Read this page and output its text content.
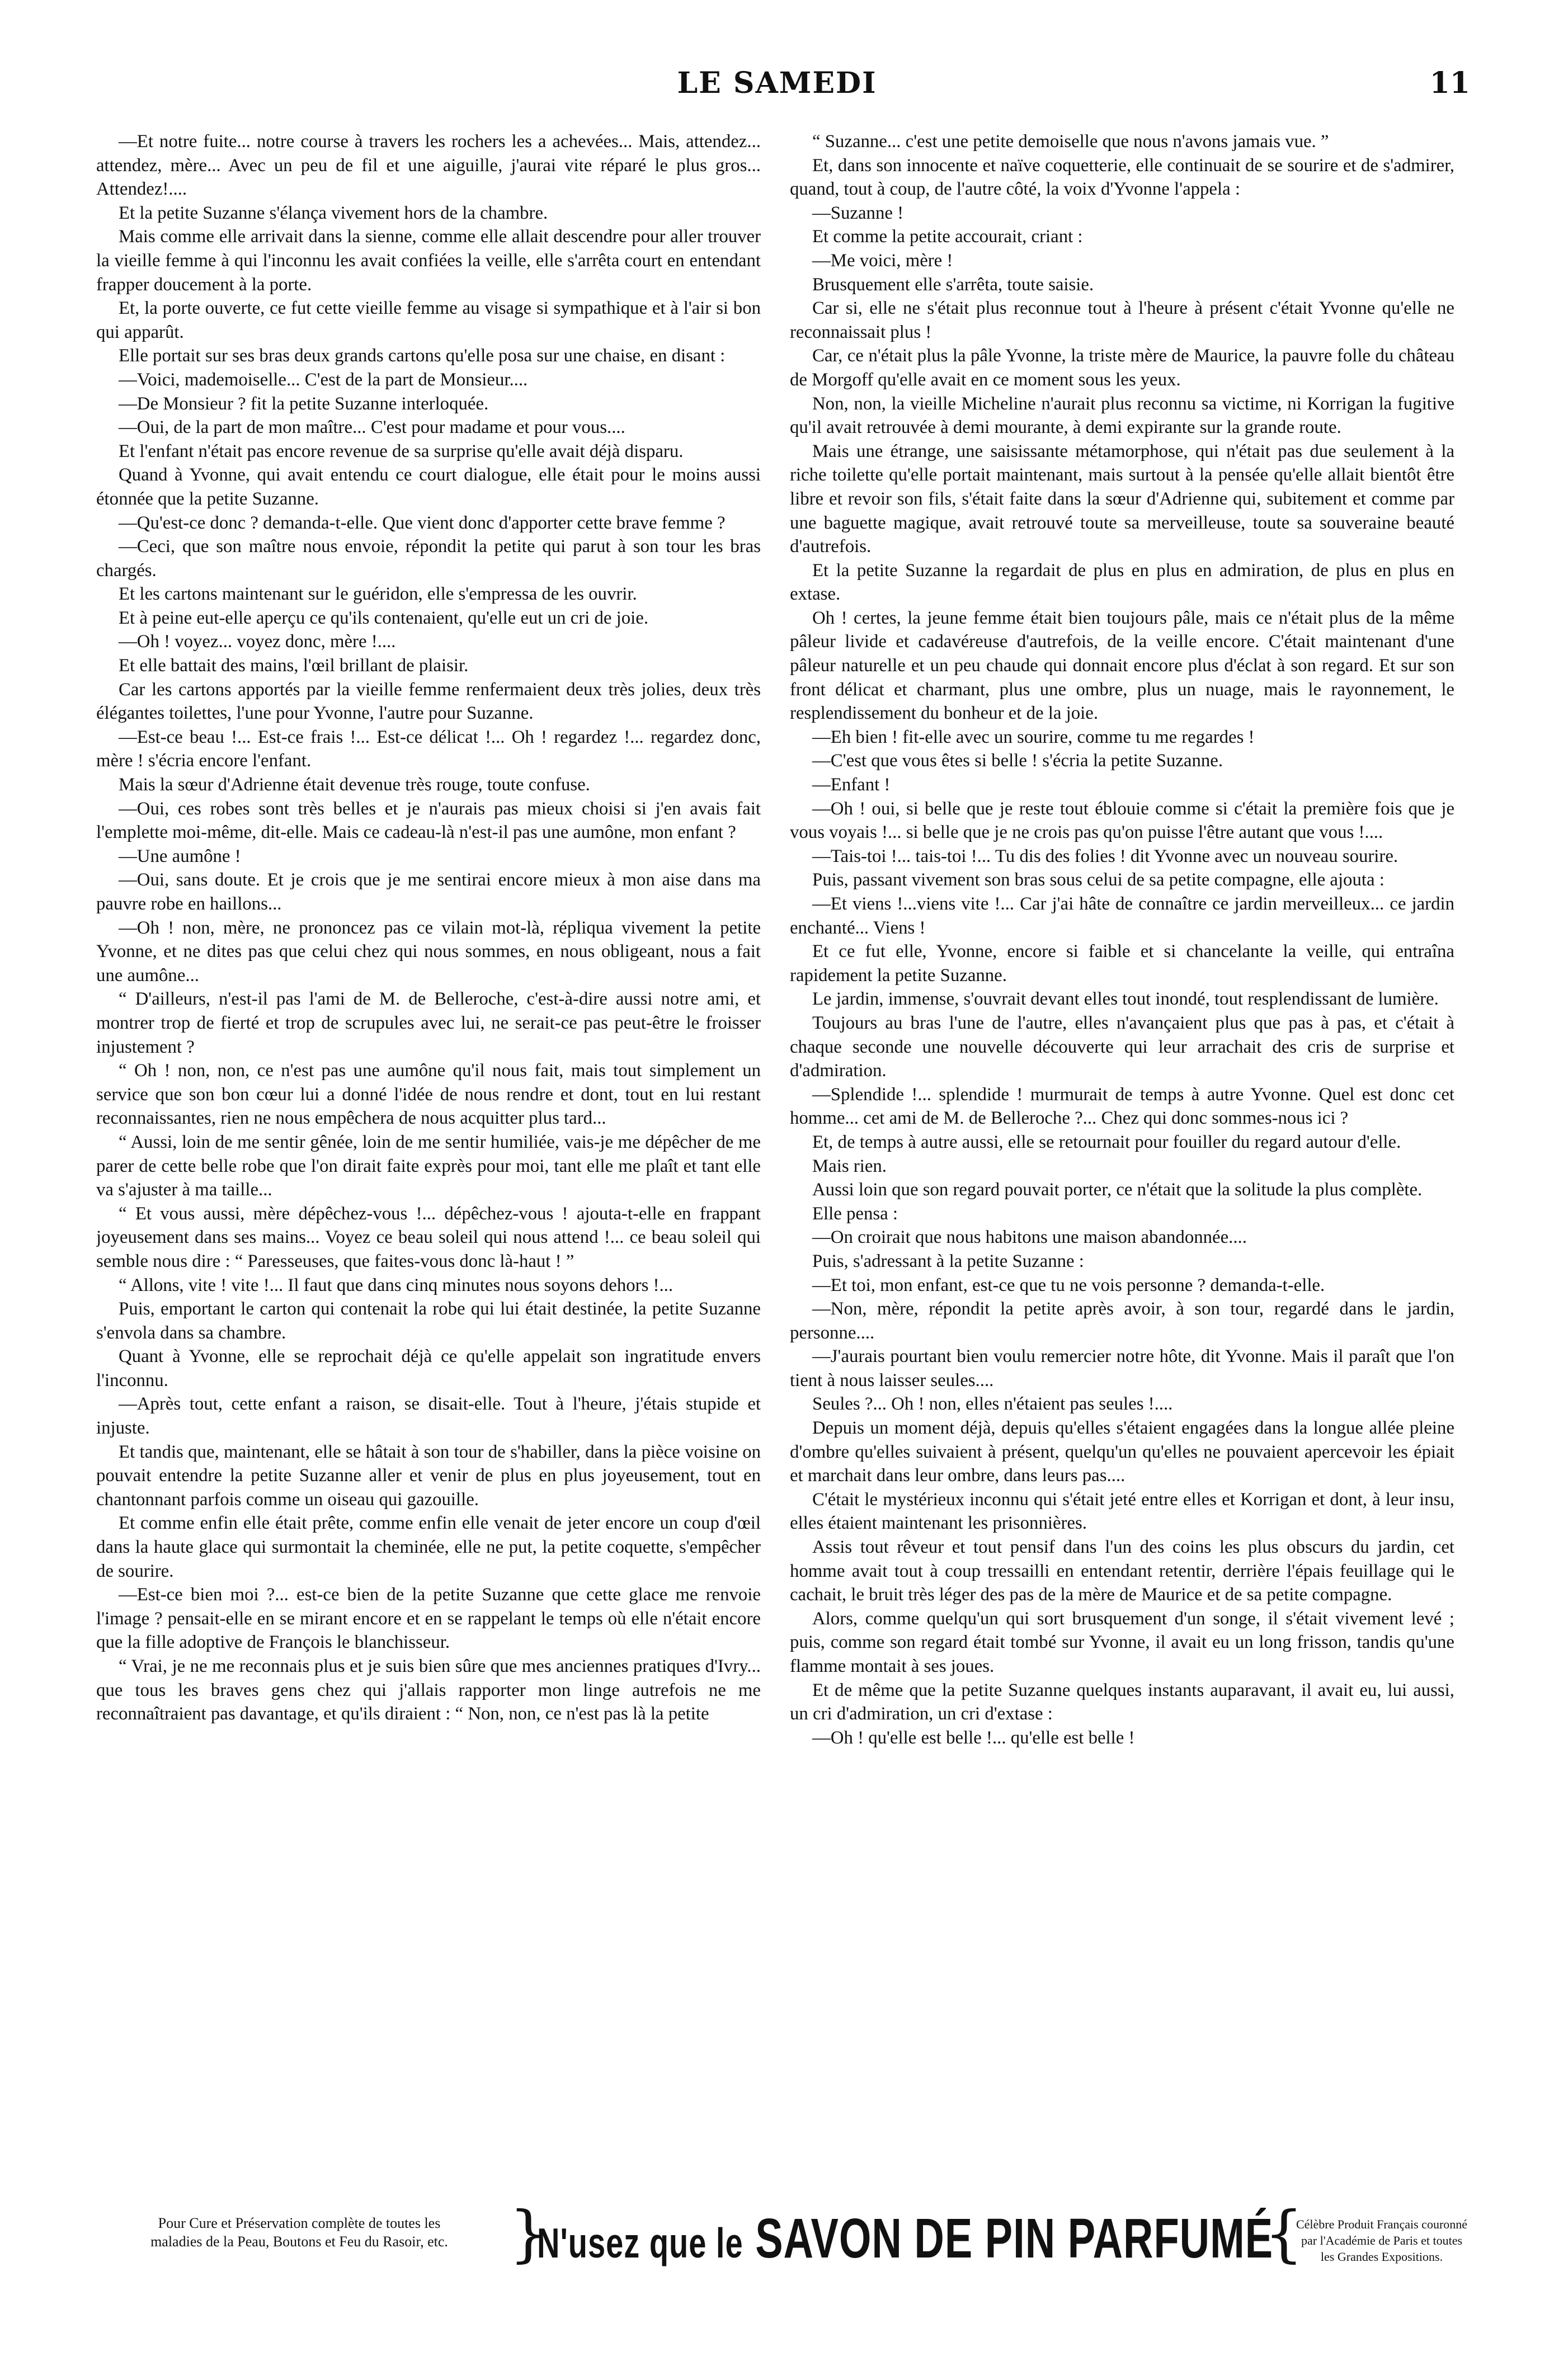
LE SAMEDI	11

—Et notre fuite... notre course à travers les rochers les a achevées... Mais, attendez... attendez, mère... Avec un peu de fil et une aiguille, j'aurai vite réparé le plus gros... Attendez!....

Et la petite Suzanne s'élança vivement hors de la chambre.

Mais comme elle arrivait dans la sienne, comme elle allait descendre pour aller trouver la vieille femme à qui l'inconnu les avait confiées la veille, elle s'arrêta court en entendant frapper doucement à la porte.

Et, la porte ouverte, ce fut cette vieille femme au visage si sympathique et à l'air si bon qui apparût.

Elle portait sur ses bras deux grands cartons qu'elle posa sur une chaise, en disant :

—Voici, mademoiselle... C'est de la part de Monsieur....

—De Monsieur ? fit la petite Suzanne interloquée.

—Oui, de la part de mon maître... C'est pour madame et pour vous....

Et l'enfant n'était pas encore revenue de sa surprise qu'elle avait déjà disparu.

Quand à Yvonne, qui avait entendu ce court dialogue, elle était pour le moins aussi étonnée que la petite Suzanne.

—Qu'est-ce donc ? demanda-t-elle. Que vient donc d'apporter cette brave femme ?

—Ceci, que son maître nous envoie, répondit la petite qui parut à son tour les bras chargés.

Et les cartons maintenant sur le guéridon, elle s'empressa de les ouvrir.

Et à peine eut-elle aperçu ce qu'ils contenaient, qu'elle eut un cri de joie.

—Oh ! voyez... voyez donc, mère !....

Et elle battait des mains, l'œil brillant de plaisir.

Car les cartons apportés par la vieille femme renfermaient deux très jolies, deux très élégantes toilettes, l'une pour Yvonne, l'autre pour Suzanne.

—Est-ce beau !... Est-ce frais !... Est-ce délicat !... Oh ! regardez !... regardez donc, mère ! s'écria encore l'enfant.

Mais la sœur d'Adrienne était devenue très rouge, toute confuse.

—Oui, ces robes sont très belles et je n'aurais pas mieux choisi si j'en avais fait l'emplette moi-même, dit-elle. Mais ce cadeau-là n'est-il pas une aumône, mon enfant ?

—Une aumône !

—Oui, sans doute. Et je crois que je me sentirai encore mieux à mon aise dans ma pauvre robe en haillons...

—Oh ! non, mère, ne prononcez pas ce vilain mot-là, répliqua vivement la petite Yvonne, et ne dites pas que celui chez qui nous sommes, en nous obligeant, nous a fait une aumône...

“ D'ailleurs, n'est-il pas l'ami de M. de Belleroche, c'est-à-dire aussi notre ami, et montrer trop de fierté et trop de scrupules avec lui, ne serait-ce pas peut-être le froisser injustement ?

“ Oh ! non, non, ce n'est pas une aumône qu'il nous fait, mais tout simplement un service que son bon cœur lui a donné l'idée de nous rendre et dont, tout en lui restant reconnaissantes, rien ne nous empêchera de nous acquitter plus tard...

“ Aussi, loin de me sentir gênée, loin de me sentir humiliée, vais-je me dépêcher de me parer de cette belle robe que l'on dirait faite exprès pour moi, tant elle me plaît et tant elle va s'ajuster à ma taille...

“ Et vous aussi, mère dépêchez-vous !... dépêchez-vous ! ajouta-t-elle en frappant joyeusement dans ses mains... Voyez ce beau soleil qui nous attend !... ce beau soleil qui semble nous dire : “ Paresseuses, que faites-vous donc là-haut ! ”

“ Allons, vite ! vite !... Il faut que dans cinq minutes nous soyons dehors !...

Puis, emportant le carton qui contenait la robe qui lui était destinée, la petite Suzanne s'envola dans sa chambre.

Quant à Yvonne, elle se reprochait déjà ce qu'elle appelait son ingratitude envers l'inconnu.

—Après tout, cette enfant a raison, se disait-elle. Tout à l'heure, j'étais stupide et injuste.

Et tandis que, maintenant, elle se hâtait à son tour de s'habiller, dans la pièce voisine on pouvait entendre la petite Suzanne aller et venir de plus en plus joyeusement, tout en chantonnant parfois comme un oiseau qui gazouille.

Et comme enfin elle était prête, comme enfin elle venait de jeter encore un coup d'œil dans la haute glace qui surmontait la cheminée, elle ne put, la petite coquette, s'empêcher de sourire.

—Est-ce bien moi ?... est-ce bien de la petite Suzanne que cette glace me renvoie l'image ? pensait-elle en se mirant encore et en se rappelant le temps où elle n'était encore que la fille adoptive de François le blanchisseur.

“ Vrai, je ne me reconnais plus et je suis bien sûre que mes anciennes pratiques d'Ivry... que tous les braves gens chez qui j'allais rapporter mon linge autrefois ne me reconnaîtraient pas davantage, et qu'ils diraient : “ Non, non, ce n'est pas là la petite

“ Suzanne... c'est une petite demoiselle que nous n'avons jamais vue. ”

Et, dans son innocente et naïve coquetterie, elle continuait de se sourire et de s'admirer, quand, tout à coup, de l'autre côté, la voix d'Yvonne l'appela :

—Suzanne !

Et comme la petite accourait, criant :

—Me voici, mère !

Brusquement elle s'arrêta, toute saisie.

Car si, elle ne s'était plus reconnue tout à l'heure à présent c'était Yvonne qu'elle ne reconnaissait plus !

Car, ce n'était plus la pâle Yvonne, la triste mère de Maurice, la pauvre folle du château de Morgoff qu'elle avait en ce moment sous les yeux.

Non, non, la vieille Micheline n'aurait plus reconnu sa victime, ni Korrigan la fugitive qu'il avait retrouvée à demi mourante, à demi expirante sur la grande route.

Mais une étrange, une saisissante métamorphose, qui n'était pas due seulement à la riche toilette qu'elle portait maintenant, mais surtout à la pensée qu'elle allait bientôt être libre et revoir son fils, s'était faite dans la sœur d'Adrienne qui, subitement et comme par une baguette magique, avait retrouvé toute sa merveilleuse, toute sa souveraine beauté d'autrefois.

Et la petite Suzanne la regardait de plus en plus en admiration, de plus en plus en extase.

Oh ! certes, la jeune femme était bien toujours pâle, mais ce n'était plus de la même pâleur livide et cadavéreuse d'autrefois, de la veille encore. C'était maintenant d'une pâleur naturelle et un peu chaude qui donnait encore plus d'éclat à son regard. Et sur son front délicat et charmant, plus une ombre, plus un nuage, mais le rayonnement, le resplendissement du bonheur et de la joie.

—Eh bien ! fit-elle avec un sourire, comme tu me regardes !

—C'est que vous êtes si belle ! s'écria la petite Suzanne.

—Enfant !

—Oh ! oui, si belle que je reste tout éblouie comme si c'était la première fois que je vous voyais !... si belle que je ne crois pas qu'on puisse l'être autant que vous !....

—Tais-toi !... tais-toi !... Tu dis des folies ! dit Yvonne avec un nouveau sourire.

Puis, passant vivement son bras sous celui de sa petite compagne, elle ajouta :

—Et viens !...viens vite !... Car j'ai hâte de connaître ce jardin merveilleux... ce jardin enchanté... Viens !

Et ce fut elle, Yvonne, encore si faible et si chancelante la veille, qui entraîna rapidement la petite Suzanne.

Le jardin, immense, s'ouvrait devant elles tout inondé, tout resplendissant de lumière.

Toujours au bras l'une de l'autre, elles n'avançaient plus que pas à pas, et c'était à chaque seconde une nouvelle découverte qui leur arrachait des cris de surprise et d'admiration.

—Splendide !... splendide ! murmurait de temps à autre Yvonne. Quel est donc cet homme... cet ami de M. de Belleroche ?... Chez qui donc sommes-nous ici ?

Et, de temps à autre aussi, elle se retournait pour fouiller du regard autour d'elle.

Mais rien.

Aussi loin que son regard pouvait porter, ce n'était que la solitude la plus complète.

Elle pensa :

—On croirait que nous habitons une maison abandonnée....

Puis, s'adressant à la petite Suzanne :

—Et toi, mon enfant, est-ce que tu ne vois personne ? demanda-t-elle.

—Non, mère, répondit la petite après avoir, à son tour, regardé dans le jardin, personne....

—J'aurais pourtant bien voulu remercier notre hôte, dit Yvonne. Mais il paraît que l'on tient à nous laisser seules....

Seules ?... Oh ! non, elles n'étaient pas seules !....

Depuis un moment déjà, depuis qu'elles s'étaient engagées dans la longue allée pleine d'ombre qu'elles suivaient à présent, quelqu'un qu'elles ne pouvaient apercevoir les épiait et marchait dans leur ombre, dans leurs pas....

C'était le mystérieux inconnu qui s'était jeté entre elles et Korrigan et dont, à leur insu, elles étaient maintenant les prisonnières.

Assis tout rêveur et tout pensif dans l'un des coins les plus obscurs du jardin, cet homme avait tout à coup tressailli en entendant retentir, derrière l'épais feuillage qui le cachait, le bruit très léger des pas de la mère de Maurice et de sa petite compagne.

Alors, comme quelqu'un qui sort brusquement d'un songe, il s'était vivement levé ; puis, comme son regard était tombé sur Yvonne, il avait eu un long frisson, tandis qu'une flamme montait à ses joues.

Et de même que la petite Suzanne quelques instants auparavant, il avait eu, lui aussi, un cri d'admiration, un cri d'extase :

—Oh ! qu'elle est belle !... qu'elle est belle !

Pour Cure et Préservation complète de toutes les
maladies de la Peau, Boutons et Feu du Rasoir, etc. }
N'usez que le SAVON DE PIN PARFUMÉ
{
Célèbre Produit Français couronné
par l'Académie de Paris et toutes
les Grandes Expositions.
